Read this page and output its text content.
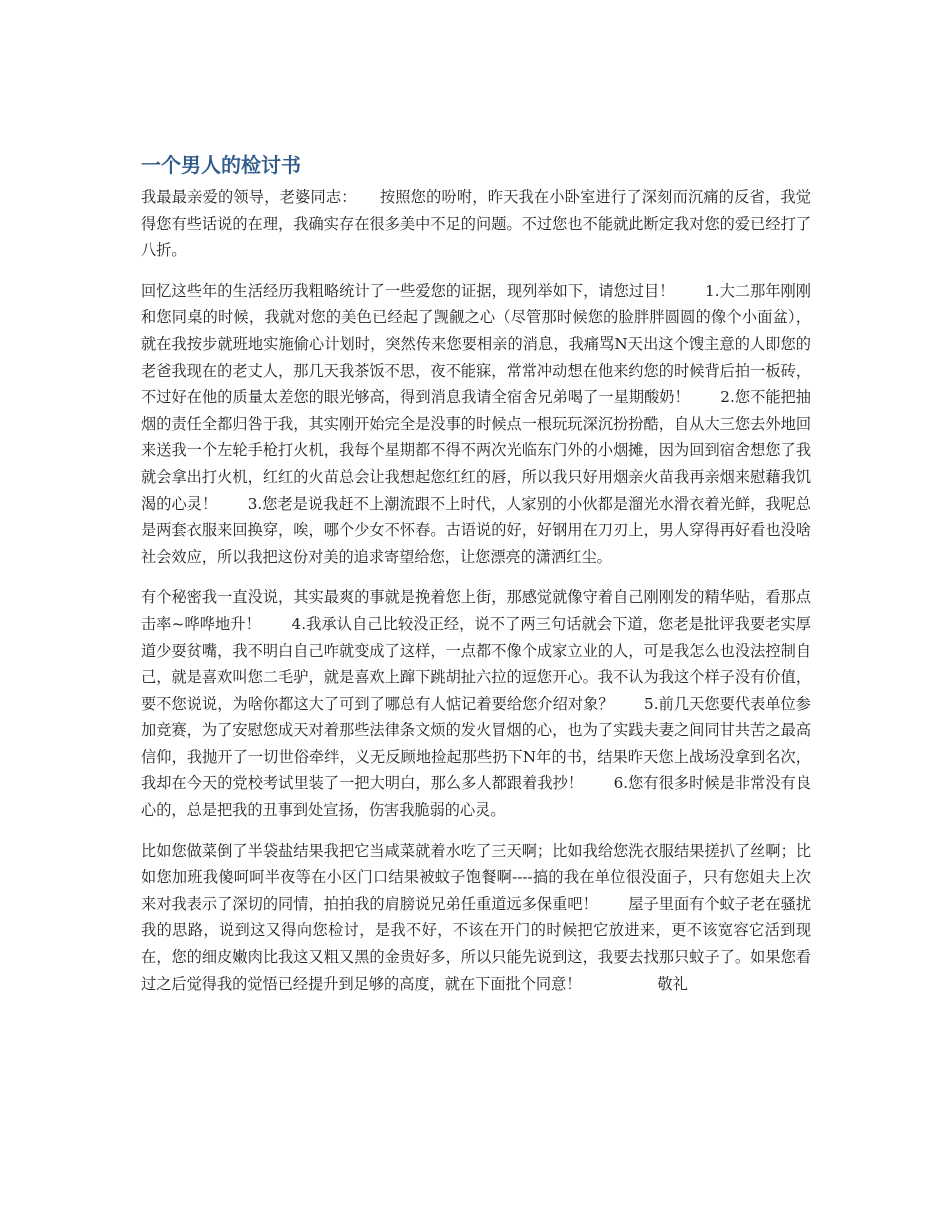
一个男人的检讨书

我最最亲爱的领导，老婆同志：　　按照您的吩咐，昨天我在小卧室进行了深刻而沉痛的反省，我觉得您有些话说的在理，我确实存在很多美中不足的问题。不过您也不能就此断定我对您的爱已经打了八折。

回忆这些年的生活经历我粗略统计了一些爱您的证据，现列举如下，请您过目！　　1.大二那年刚刚和您同桌的时候，我就对您的美色已经起了觊觎之心（尽管那时候您的脸胖胖圆圆的像个小面盆），就在我按步就班地实施偷心计划时，突然传来您要相亲的消息，我痛骂N天出这个馊主意的人即您的老爸我现在的老丈人，那几天我茶饭不思，夜不能寐，常常冲动想在他来约您的时候背后拍一板砖，不过好在他的质量太差您的眼光够高，得到消息我请全宿舍兄弟喝了一星期酸奶！　　2.您不能把抽烟的责任全都归咎于我，其实刚开始完全是没事的时候点一根玩玩深沉扮扮酷，自从大三您去外地回来送我一个左轮手枪打火机，我每个星期都不得不两次光临东门外的小烟摊，因为回到宿舍想您了我就会拿出打火机，红红的火苗总会让我想起您红红的唇，所以我只好用烟亲火苗我再亲烟来慰藉我饥渴的心灵！　　3.您老是说我赶不上潮流跟不上时代，人家别的小伙都是溜光水滑衣着光鲜，我呢总是两套衣服来回换穿，唉，哪个少女不怀春。古语说的好，好钢用在刀刃上，男人穿得再好看也没啥社会效应，所以我把这份对美的追求寄望给您，让您漂亮的潇洒红尘。

有个秘密我一直没说，其实最爽的事就是挽着您上街，那感觉就像守着自己刚刚发的精华贴，看那点击率~哗哗地升！　　4.我承认自己比较没正经，说不了两三句话就会下道，您老是批评我要老实厚道少耍贫嘴，我不明白自己咋就变成了这样，一点都不像个成家立业的人，可是我怎么也没法控制自己，就是喜欢叫您二毛驴，就是喜欢上蹿下跳胡扯六拉的逗您开心。我不认为我这个样子没有价值，要不您说说，为啥你都这大了可到了哪总有人惦记着要给您介绍对象？　　5.前几天您要代表单位参加竞赛，为了安慰您成天对着那些法律条文烦的发火冒烟的心，也为了实践夫妻之间同甘共苦之最高信仰，我抛开了一切世俗牵绊，义无反顾地捡起那些扔下N年的书，结果昨天您上战场没拿到名次，我却在今天的党校考试里装了一把大明白，那么多人都跟着我抄！　　6.您有很多时候是非常没有良心的，总是把我的丑事到处宣扬，伤害我脆弱的心灵。

比如您做菜倒了半袋盐结果我把它当咸菜就着水吃了三天啊；比如我给您洗衣服结果搓扒了丝啊；比如您加班我傻呵呵半夜等在小区门口结果被蚊子饱餐啊----搞的我在单位很没面子，只有您姐夫上次来对我表示了深切的同情，拍拍我的肩膀说兄弟任重道远多保重吧！　　屋子里面有个蚊子老在骚扰我的思路，说到这又得向您检讨，是我不好，不该在开门的时候把它放进来，更不该宽容它活到现在，您的细皮嫩肉比我这又粗又黑的金贵好多，所以只能先说到这，我要去找那只蚊子了。如果您看过之后觉得我的觉悟已经提升到足够的高度，就在下面批个同意！　　　　　敬礼
